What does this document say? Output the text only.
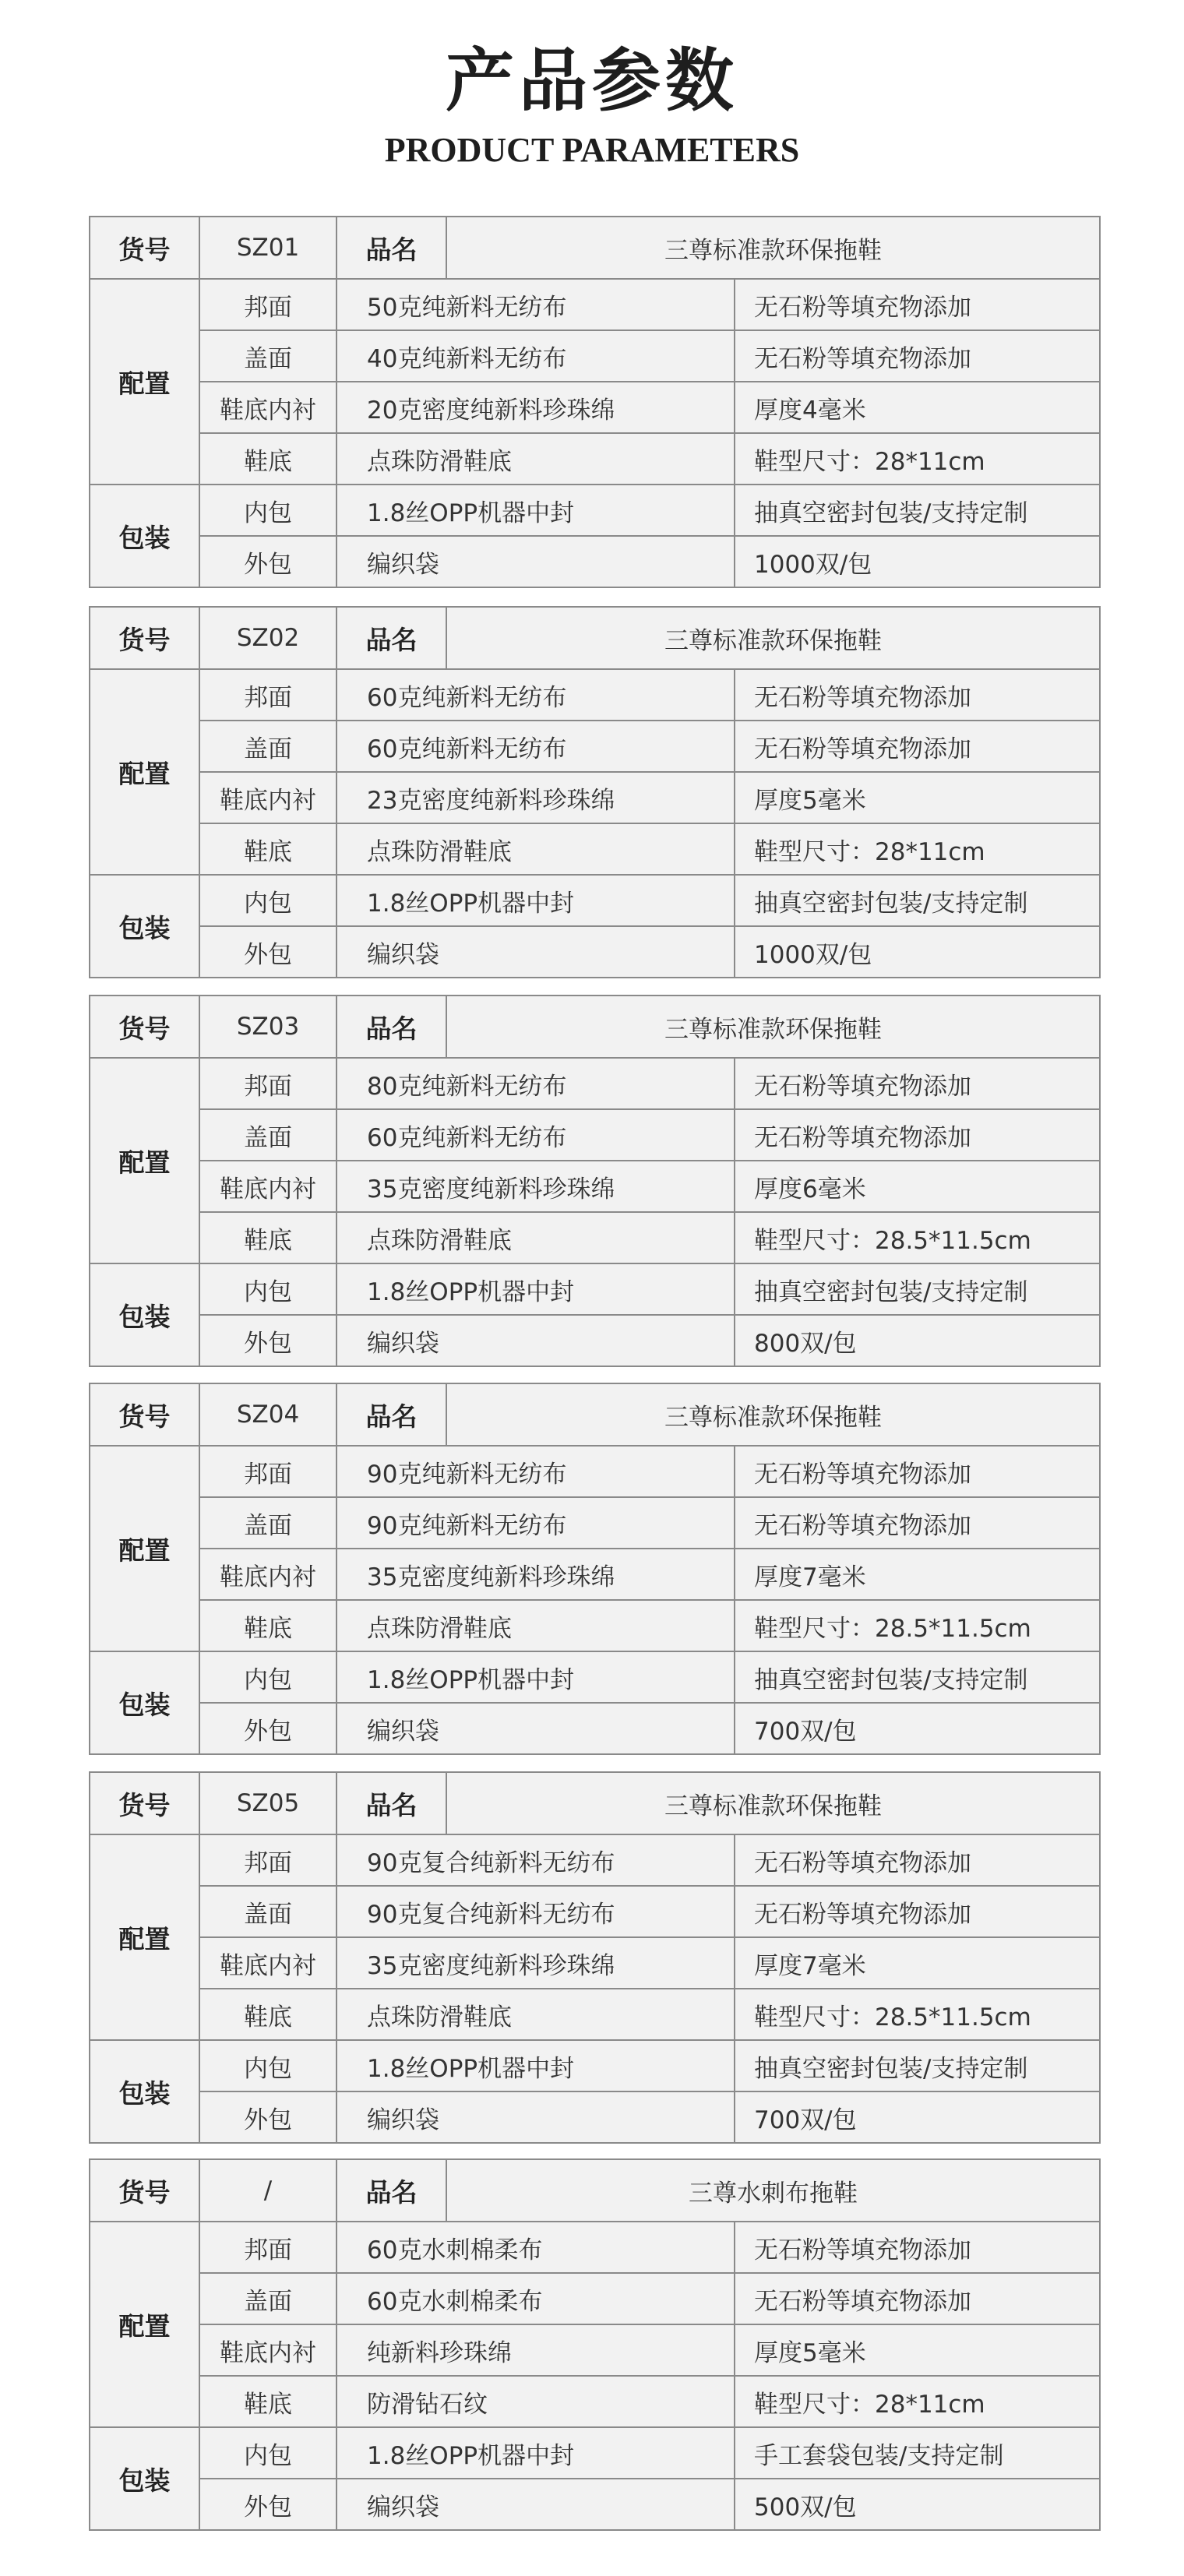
产品参数
PRODUCT PARAMETERS
货号	SZ01	品名	三尊标准款环保拖鞋	
配置	邦面	50克纯新料无纺布		无石粉等填充物添加
	盖面	40克纯新料无纺布		无石粉等填充物添加
	鞋底内衬	20克密度纯新料珍珠绵		厚度4毫米
	鞋底	点珠防滑鞋底		鞋型尺寸：28*11cm
包装	内包	1.8丝OPP机器中封		抽真空密封包装/支持定制
	外包	编织袋		1000双/包
货号	SZ02	品名	三尊标准款环保拖鞋	
配置	邦面	60克纯新料无纺布		无石粉等填充物添加
	盖面	60克纯新料无纺布		无石粉等填充物添加
	鞋底内衬	23克密度纯新料珍珠绵		厚度5毫米
	鞋底	点珠防滑鞋底		鞋型尺寸：28*11cm
包装	内包	1.8丝OPP机器中封		抽真空密封包装/支持定制
	外包	编织袋		1000双/包
货号	SZ03	品名	三尊标准款环保拖鞋	
配置	邦面	80克纯新料无纺布		无石粉等填充物添加
	盖面	60克纯新料无纺布		无石粉等填充物添加
	鞋底内衬	35克密度纯新料珍珠绵		厚度6毫米
	鞋底	点珠防滑鞋底		鞋型尺寸：28.5*11.5cm
包装	内包	1.8丝OPP机器中封		抽真空密封包装/支持定制
	外包	编织袋		800双/包
货号	SZ04	品名	三尊标准款环保拖鞋	
配置	邦面	90克纯新料无纺布		无石粉等填充物添加
	盖面	90克纯新料无纺布		无石粉等填充物添加
	鞋底内衬	35克密度纯新料珍珠绵		厚度7毫米
	鞋底	点珠防滑鞋底		鞋型尺寸：28.5*11.5cm
包装	内包	1.8丝OPP机器中封		抽真空密封包装/支持定制
	外包	编织袋		700双/包
货号	SZ05	品名	三尊标准款环保拖鞋	
配置	邦面	90克复合纯新料无纺布		无石粉等填充物添加
	盖面	90克复合纯新料无纺布		无石粉等填充物添加
	鞋底内衬	35克密度纯新料珍珠绵		厚度7毫米
	鞋底	点珠防滑鞋底		鞋型尺寸：28.5*11.5cm
包装	内包	1.8丝OPP机器中封		抽真空密封包装/支持定制
	外包	编织袋		700双/包
货号	/	品名	三尊水刺布拖鞋	
配置	邦面	60克水刺棉柔布		无石粉等填充物添加
	盖面	60克水刺棉柔布		无石粉等填充物添加
	鞋底内衬	纯新料珍珠绵		厚度5毫米
	鞋底	防滑钻石纹		鞋型尺寸：28*11cm
包装	内包	1.8丝OPP机器中封		手工套袋包装/支持定制
	外包	编织袋		500双/包
